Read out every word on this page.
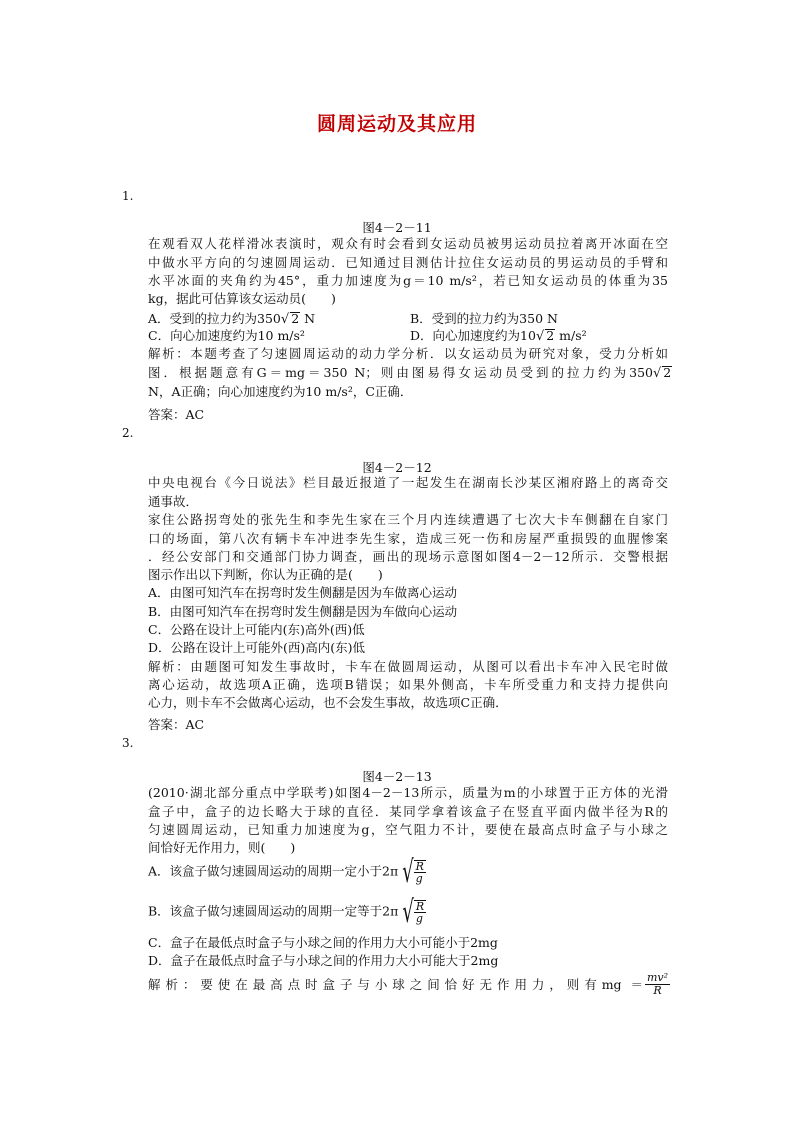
圆周运动及其应用
1.
图4－2－11
在观看双人花样滑冰表演时，观众有时会看到女运动员被男运动员拉着离开冰面在空
中做水平方向的匀速圆周运动．已知通过目测估计拉住女运动员的男运动员的手臂和
水平冰面的夹角约为45°，重力加速度为g＝10 m/s²，若已知女运动员的体重为35
kg，据此可估算该女运动员(　　)
A．受到的拉力约为350√ 2 N	B．受到的拉力约为350 N
C．向心加速度约为10 m/s²	D．向心加速度约为10√ 2 m/s²
解析：本题考查了匀速圆周运动的动力学分析．以女运动员为研究对象，受力分析如
图．根据题意有G＝mg＝350 N；则由图易得女运动员受到的拉力约为350√ 2
N，A正确；向心加速度约为10 m/s²，C正确．
答案：AC
2.
图4－2－12
中央电视台《今日说法》栏目最近报道了一起发生在湖南长沙某区湘府路上的离奇交
通事故．
家住公路拐弯处的张先生和李先生家在三个月内连续遭遇了七次大卡车侧翻在自家门
口的场面，第八次有辆卡车冲进李先生家，造成三死一伤和房屋严重损毁的血腥惨案
．经公安部门和交通部门协力调查，画出的现场示意图如图4－2－12所示．交警根据
图示作出以下判断，你认为正确的是(　　)
A．由图可知汽车在拐弯时发生侧翻是因为车做离心运动
B．由图可知汽车在拐弯时发生侧翻是因为车做向心运动
C．公路在设计上可能内(东)高外(西)低
D．公路在设计上可能外(西)高内(东)低
解析：由题图可知发生事故时，卡车在做圆周运动，从图可以看出卡车冲入民宅时做
离心运动，故选项A正确，选项B错误；如果外侧高，卡车所受重力和支持力提供向
心力，则卡车不会做离心运动，也不会发生事故，故选项C正确．
答案：AC
3.
图4－2－13
(2010·湖北部分重点中学联考)如图4－2－13所示，质量为m的小球置于正方体的光滑
盒子中，盒子的边长略大于球的直径．某同学拿着该盒子在竖直平面内做半径为R的
匀速圆周运动，已知重力加速度为g，空气阻力不计，要使在最高点时盒子与小球之
间恰好无作用力，则(　　)
A．该盒子做匀速圆周运动的周期一定小于2π √ $\frac{R}{g}$
B．该盒子做匀速圆周运动的周期一定等于2π √ $\frac{R}{g}$
C．盒子在最低点时盒子与小球之间的作用力大小可能小于2mg
D．盒子在最低点时盒子与小球之间的作用力大小可能大于2mg
解析：要使在最高点时盒子与小球之间恰好无作用力，则有mg ＝ $\frac{\text{mv²}}{R}$
